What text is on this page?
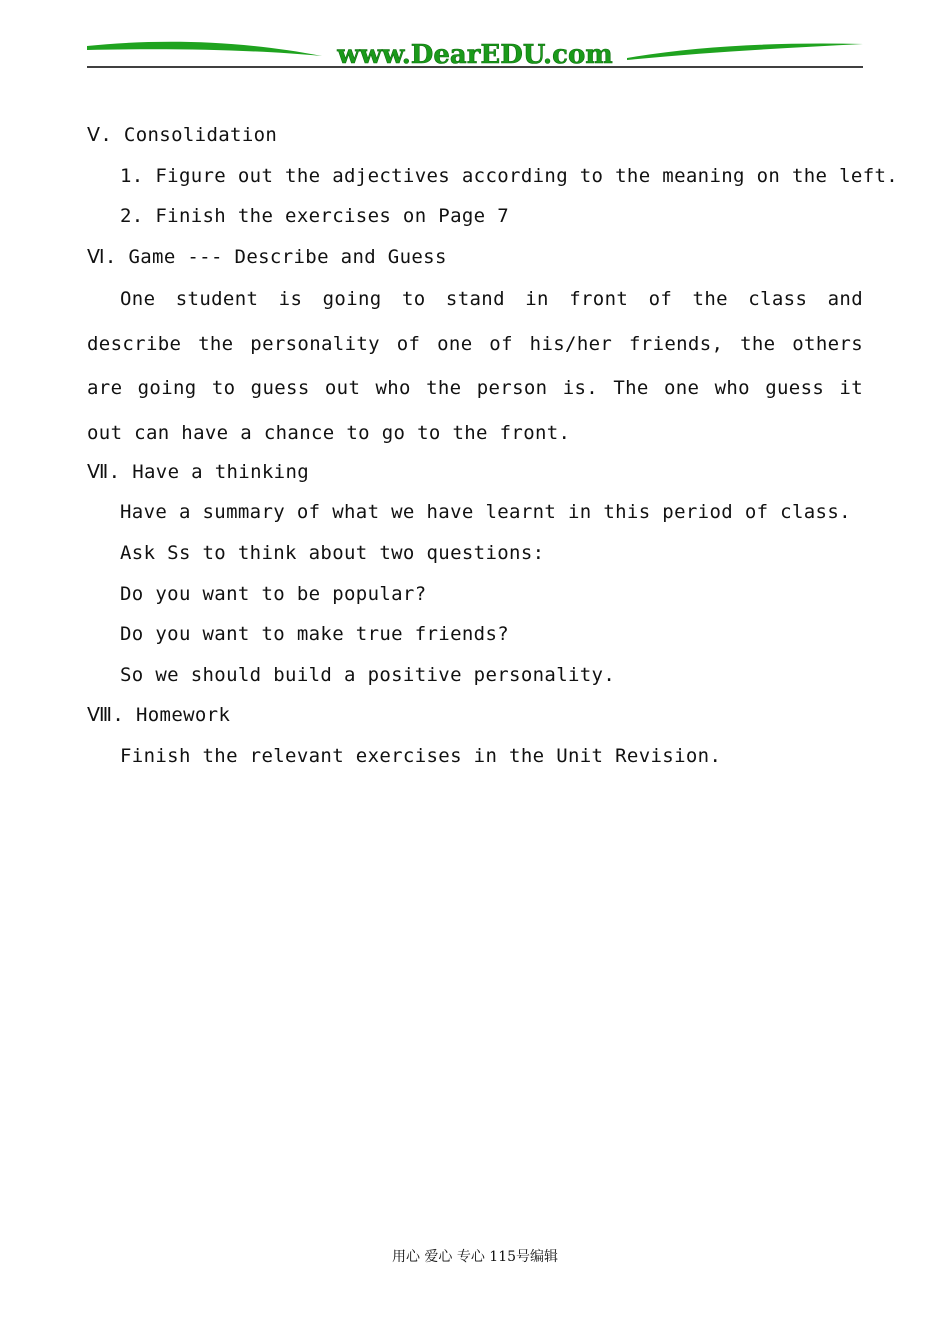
www.DearEDU.com
Ⅴ. Consolidation
1. Figure out the adjectives according to the meaning on the left.
2. Finish the exercises on Page 7
Ⅵ. Game --- Describe and Guess
One student is going to stand in front of the class and describe the personality of one of his/her friends, the others are going to guess out who the person is. The one who guess it out can have a chance to go to the front.
Ⅶ. Have a thinking
Have a summary of what we have learnt in this period of class.
Ask Ss to think about two questions:
Do you want to be popular?
Do you want to make true friends?
So we should build a positive personality.
Ⅷ. Homework
Finish the relevant exercises in the Unit Revision.
用心 爱心 专心 115号编辑
